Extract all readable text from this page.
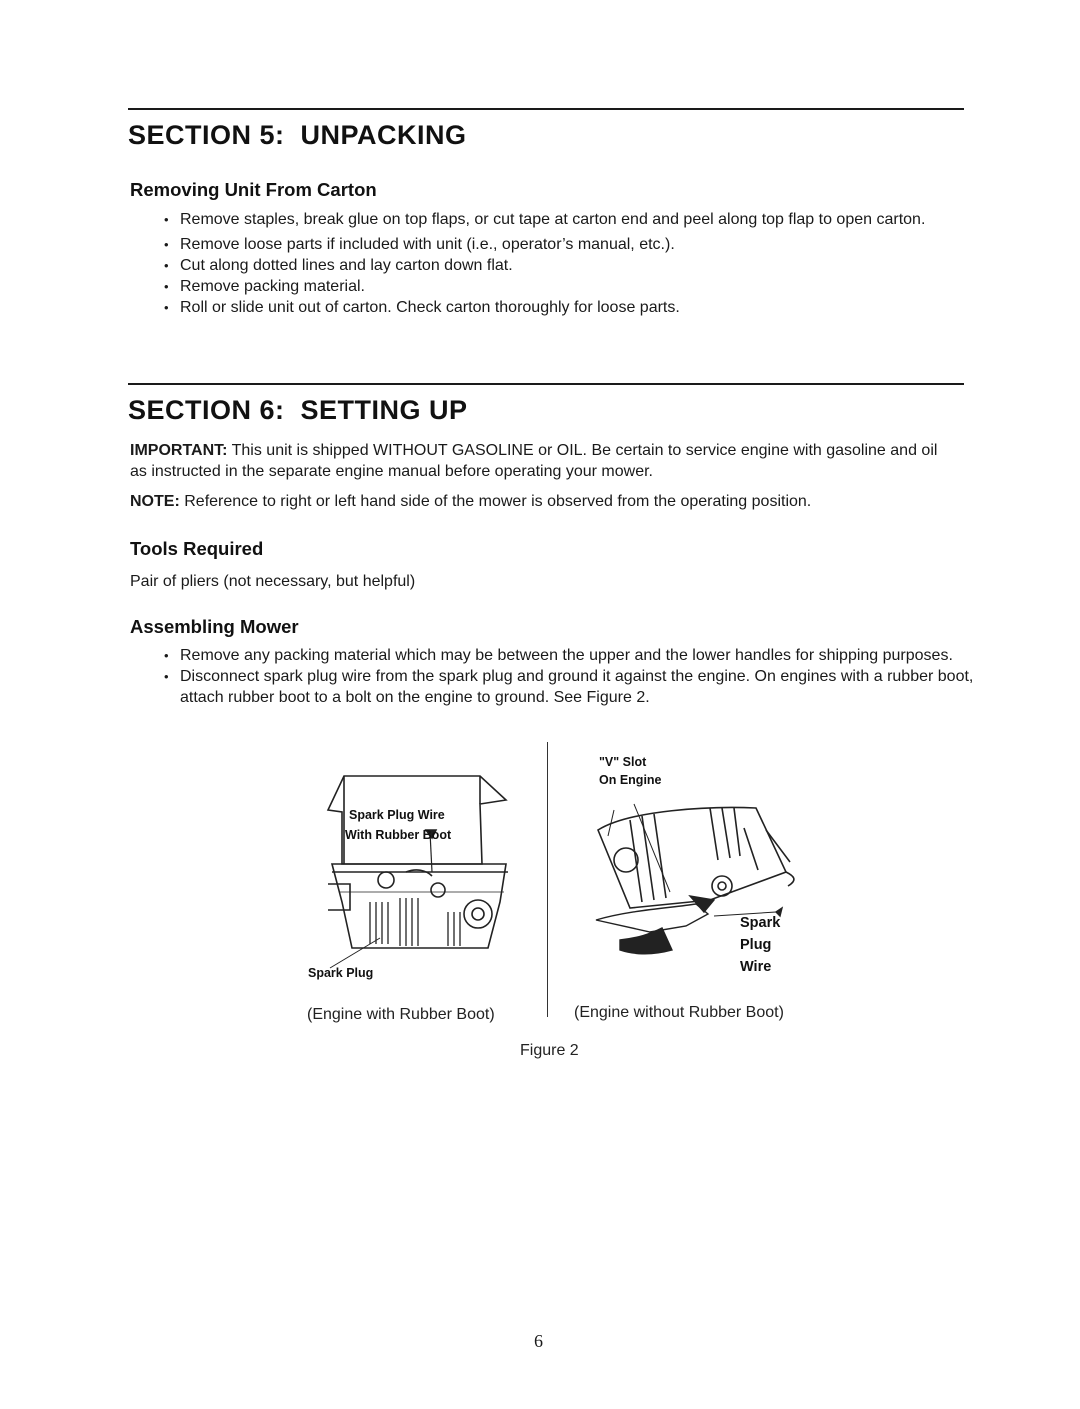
SECTION 5:  UNPACKING
Removing Unit From Carton
• Remove staples, break glue on top flaps, or cut tape at carton end and peel along top flap to open carton.
• Remove loose parts if included with unit (i.e., operator’s manual, etc.).
• Cut along dotted lines and lay carton down flat.
• Remove packing material.
• Roll or slide unit out of carton. Check carton thoroughly for loose parts.
SECTION 6:  SETTING UP

IMPORTANT: This unit is shipped WITHOUT GASOLINE or OIL. Be certain to service engine with gasoline and oil as instructed in the separate engine manual before operating your mower.

NOTE: Reference to right or left hand side of the mower is observed from the operating position.

Tools Required

Pair of pliers (not necessary, but helpful)

Assembling Mower
• Remove any packing material which may be between the upper and the lower handles for shipping purposes.
• Disconnect spark plug wire from the spark plug and ground it against the engine. On engines with a rubber boot, attach rubber boot to a bolt on the engine to ground. See Figure 2.
Spark Plug Wire
With Rubber Boot
Spark Plug
"V" Slot
On Engine
Spark
Plug
Wire
(Engine with Rubber Boot)	(Engine without Rubber Boot)
Figure 2
6
